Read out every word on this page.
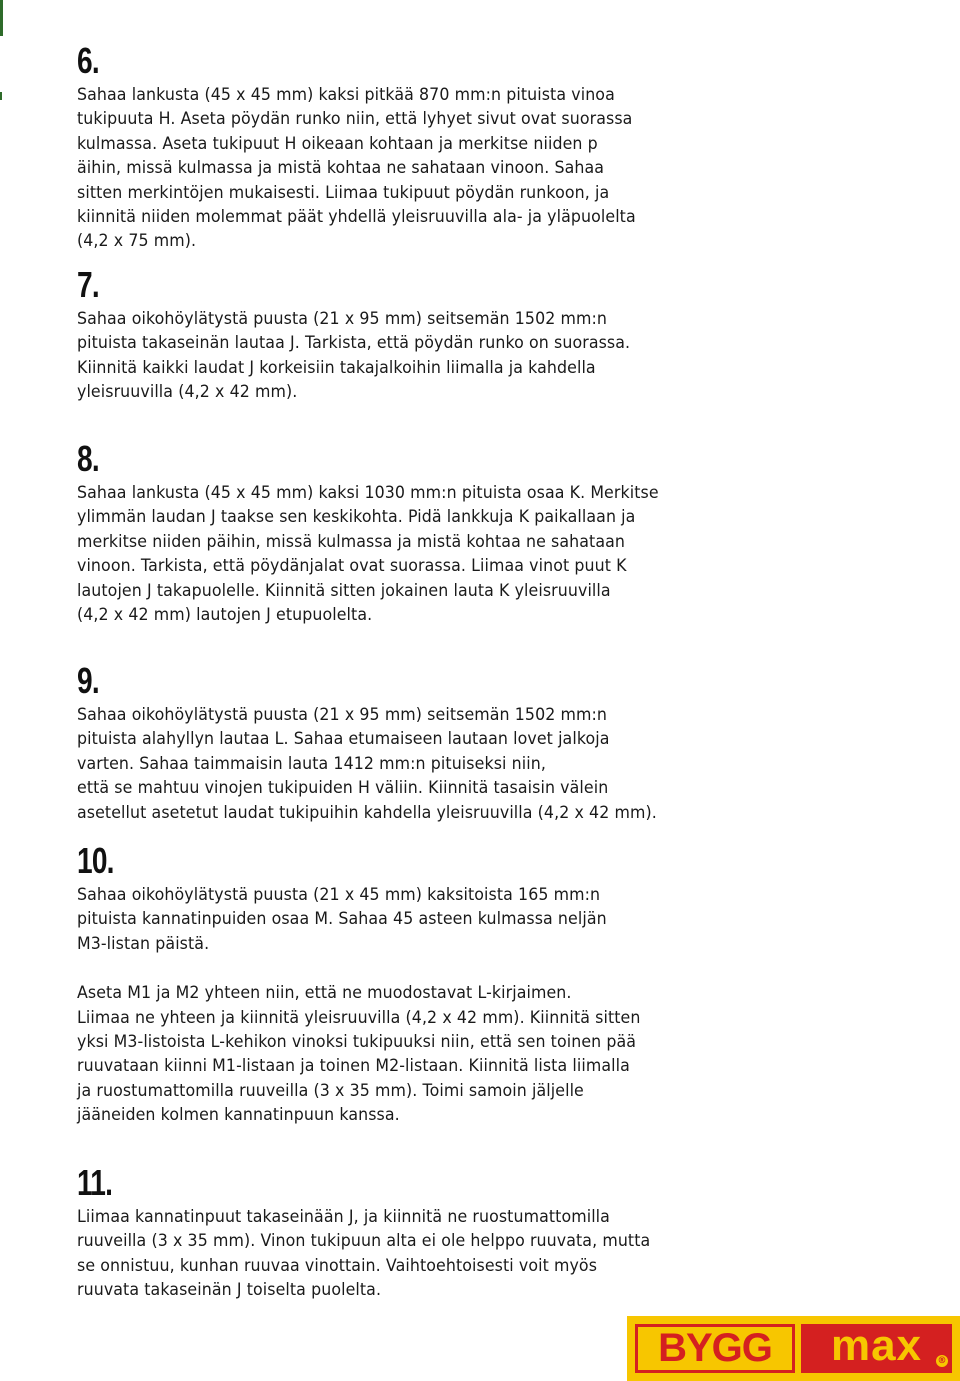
6.

Sahaa lankusta (45 x 45 mm) kaksi pitkää 870 mm:n pituista vinoa
tukipuuta H. Aseta pöydän runko niin, että lyhyet sivut ovat suorassa
kulmassa. Aseta tukipuut H oikeaan kohtaan ja merkitse niiden p
äihin, missä kulmassa ja mistä kohtaa ne sahataan vinoon. Sahaa
sitten merkintöjen mukaisesti. Liimaa tukipuut pöydän runkoon, ja
kiinnitä niiden molemmat päät yhdellä yleisruuvilla ala- ja yläpuolelta
(4,2 x 75 mm).

7.

Sahaa oikohöylätystä puusta (21 x 95 mm) seitsemän 1502 mm:n
pituista takaseinän lautaa J. Tarkista, että pöydän runko on suorassa.
Kiinnitä kaikki laudat J korkeisiin takajalkoihin liimalla ja kahdella
yleisruuvilla (4,2 x 42 mm).

8.

Sahaa lankusta (45 x 45 mm) kaksi 1030 mm:n pituista osaa K. Merkitse
ylimmän laudan J taakse sen keskikohta. Pidä lankkuja K paikallaan ja
merkitse niiden päihin, missä kulmassa ja mistä kohtaa ne sahataan
vinoon. Tarkista, että pöydänjalat ovat suorassa. Liimaa vinot puut K
lautojen J takapuolelle. Kiinnitä sitten jokainen lauta K yleisruuvilla
(4,2 x 42 mm) lautojen J etupuolelta.

9.

Sahaa oikohöylätystä puusta (21 x 95 mm) seitsemän 1502 mm:n
pituista alahyllyn lautaa L. Sahaa etumaiseen lautaan lovet jalkoja
varten. Sahaa taimmaisin lauta 1412 mm:n pituiseksi niin,
että se mahtuu vinojen tukipuiden H väliin. Kiinnitä tasaisin välein
asetellut asetetut laudat tukipuihin kahdella yleisruuvilla (4,2 x 42 mm).

10.

Sahaa oikohöylätystä puusta (21 x 45 mm) kaksitoista 165 mm:n
pituista kannatinpuiden osaa M. Sahaa 45 asteen kulmassa neljän
M3-listan päistä.

Aseta M1 ja M2 yhteen niin, että ne muodostavat L-kirjaimen.
Liimaa ne yhteen ja kiinnitä yleisruuvilla (4,2 x 42 mm). Kiinnitä sitten
yksi M3-listoista L-kehikon vinoksi tukipuuksi niin, että sen toinen pää
ruuvataan kiinni M1-listaan ja toinen M2-listaan. Kiinnitä lista liimalla
ja ruostumattomilla ruuveilla (3 x 35 mm). Toimi samoin jäljelle
jääneiden kolmen kannatinpuun kanssa.

11.

Liimaa kannatinpuut takaseinään J, ja kiinnitä ne ruostumattomilla
ruuveilla (3 x 35 mm). Vinon tukipuun alta ei ole helppo ruuvata, mutta
se onnistuu, kunhan ruuvaa vinottain. Vaihtoehtoisesti voit myös
ruuvata takaseinän J toiselta puolelta.

BYGG	max	®
